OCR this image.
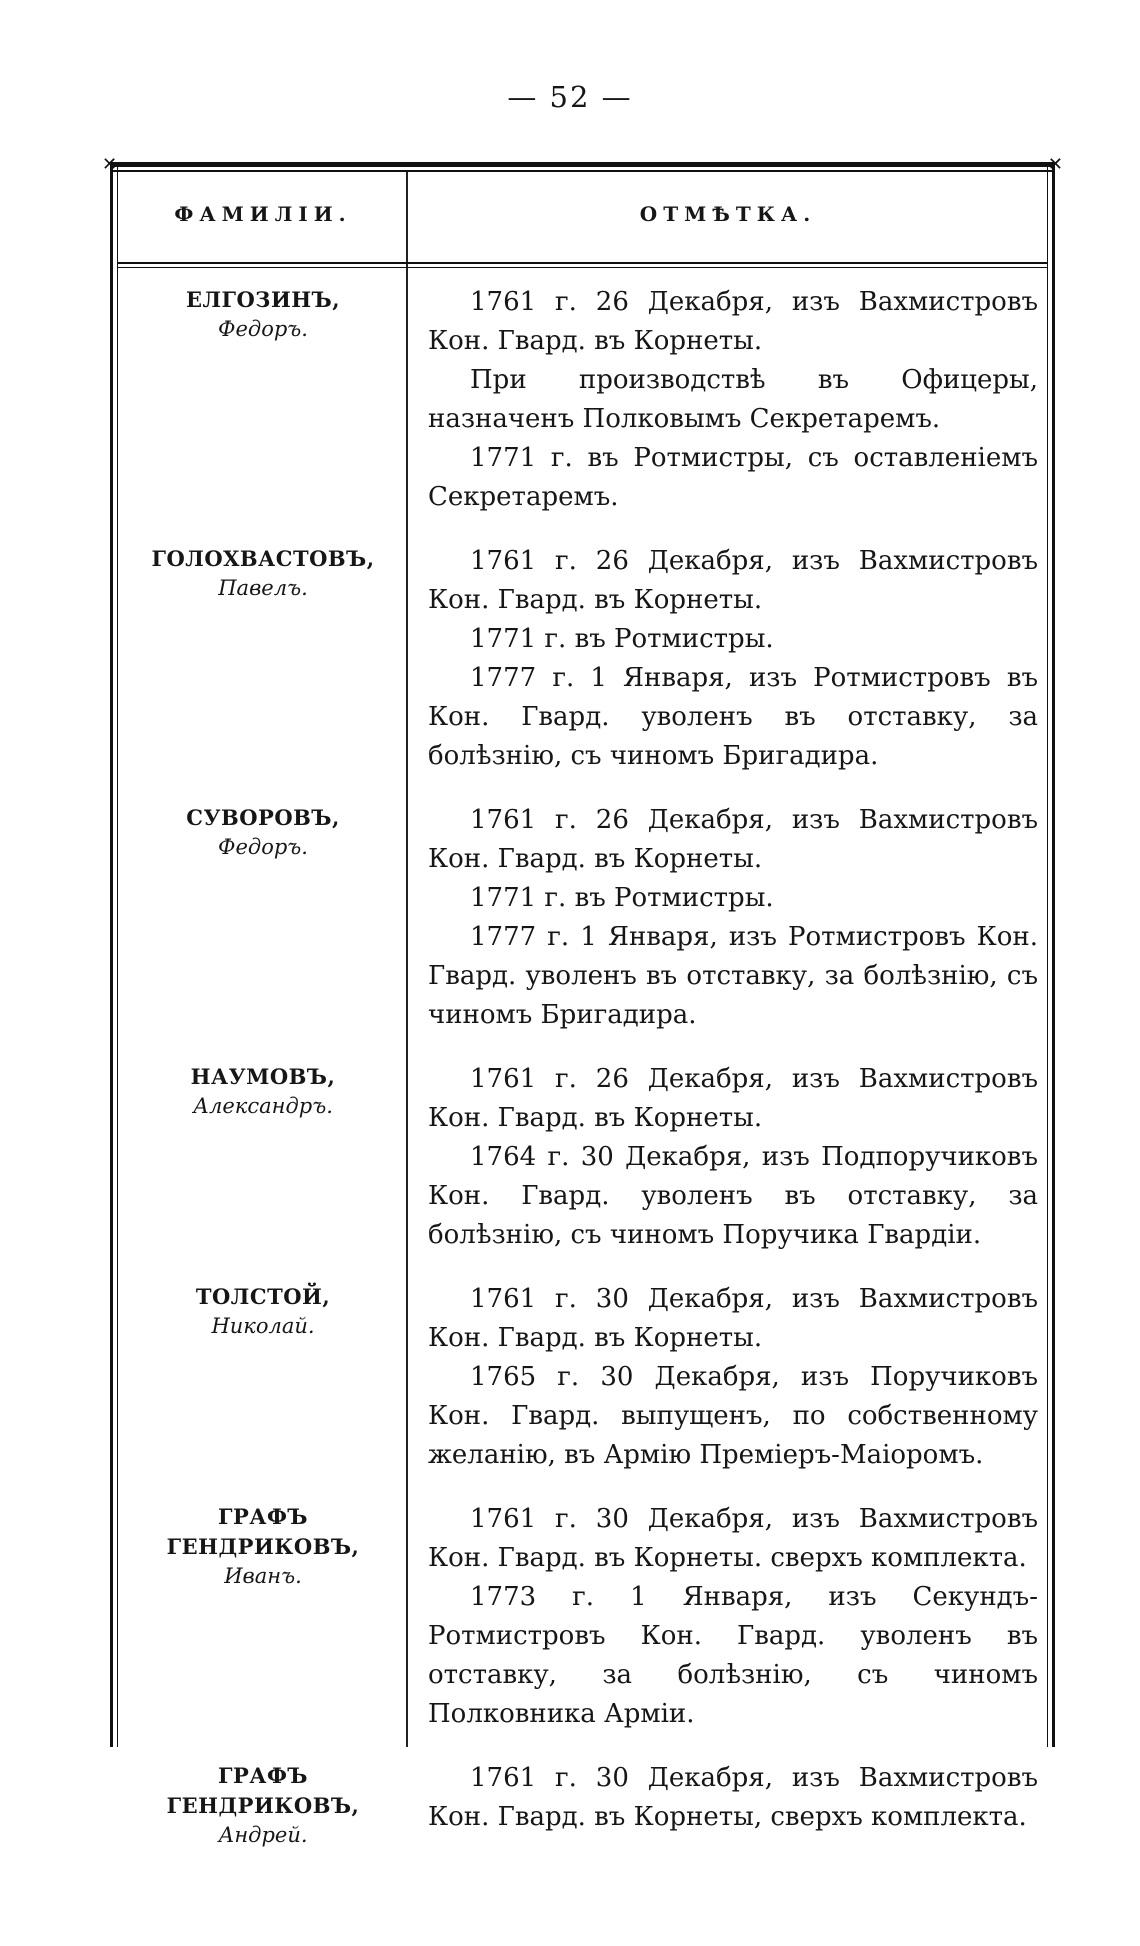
— 52 —
✕	✕
ФАМИЛІИ.	ОТМѢТКА.
ЕЛГОЗИНЪ,
Федоръ.

1761 г. 26 Декабря, изъ Вахмистровъ Кон. Гвард. въ Корнеты.

При производствѣ въ Офицеры, назначенъ Полковымъ Секретаремъ.

1771 г. въ Ротмистры, съ оставленіемъ Секретаремъ.

ГОЛОХВАСТОВЪ,
Павелъ.

1761 г. 26 Декабря, изъ Вахмистровъ Кон. Гвард. въ Корнеты.

1771 г. въ Ротмистры.

1777 г. 1 Января, изъ Ротмистровъ въ Кон. Гвард. уволенъ въ отставку, за болѣзнію, съ чиномъ Бригадира.

СУВОРОВЪ,
Федоръ.

1761 г. 26 Декабря, изъ Вахмистровъ Кон. Гвард. въ Корнеты.

1771 г. въ Ротмистры.

1777 г. 1 Января, изъ Ротмистровъ Кон. Гвард. уволенъ въ отставку, за болѣзнію, съ чиномъ Бригадира.

НАУМОВЪ,
Александръ.

1761 г. 26 Декабря, изъ Вахмистровъ Кон. Гвард. въ Корнеты.

1764 г. 30 Декабря, изъ Подпоручиковъ Кон. Гвард. уволенъ въ отставку, за болѣзнію, съ чиномъ Поручика Гвардіи.

ТОЛСТОЙ,
Николай.

1761 г. 30 Декабря, изъ Вахмистровъ Кон. Гвард. въ Корнеты.

1765 г. 30 Декабря, изъ Поручиковъ Кон. Гвард. выпущенъ, по собственному желанію, въ Армію Преміеръ-Маіоромъ.

ГРАФЪ ГЕНДРИКОВЪ,
Иванъ.

1761 г. 30 Декабря, изъ Вахмистровъ Кон. Гвард. въ Корнеты. сверхъ комплекта.

1773 г. 1 Января, изъ Секундъ-Ротмистровъ Кон. Гвард. уволенъ въ отставку, за болѣзнію, съ чиномъ Полковника Арміи.

ГРАФЪ ГЕНДРИКОВЪ,
Андрей.

1761 г. 30 Декабря, изъ Вахмистровъ Кон. Гвард. въ Корнеты, сверхъ комплекта.
